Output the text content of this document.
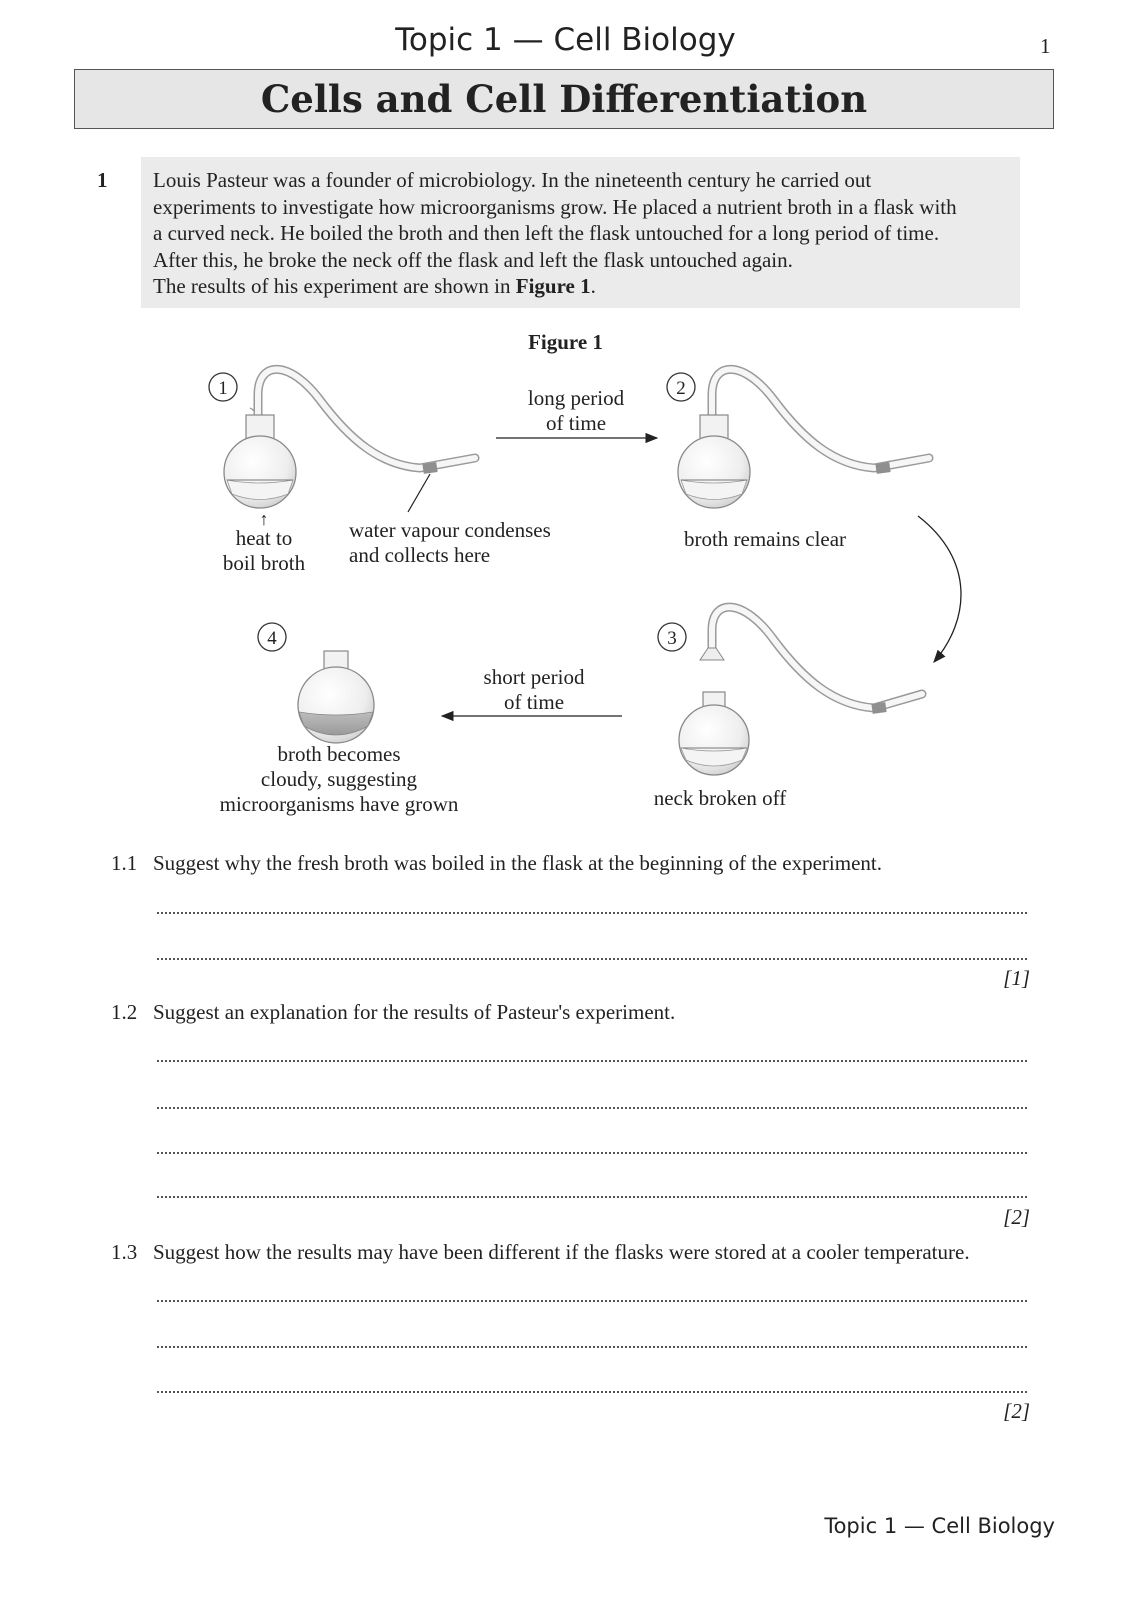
Topic 1 — Cell Biology	1
Cells and Cell Differentiation
1 Louis Pasteur was a founder of microbiology. In the nineteenth century he carried out
experiments to investigate how microorganisms grow. He placed a nutrient broth in a flask with
a curved neck. He boiled the broth and then left the flask untouched for a long period of time.
After this, he broke the neck off the flask and left the flask untouched again.
The results of his experiment are shown in Figure 1.
Figure 1
1	2
3
4
↑
heat to
boil broth
water vapour condenses
and collects here
long period
of time
broth remains clear
short period
of time
broth becomes
cloudy, suggesting
microorganisms have grown	neck broken off
1.1 Suggest why the fresh broth was boiled in the flask at the beginning of the experiment.
[1]
1.2 Suggest an explanation for the results of Pasteur's experiment.
[2]
1.3 Suggest how the results may have been different if the flasks were stored at a cooler temperature.
[2]
Topic 1 — Cell Biology
